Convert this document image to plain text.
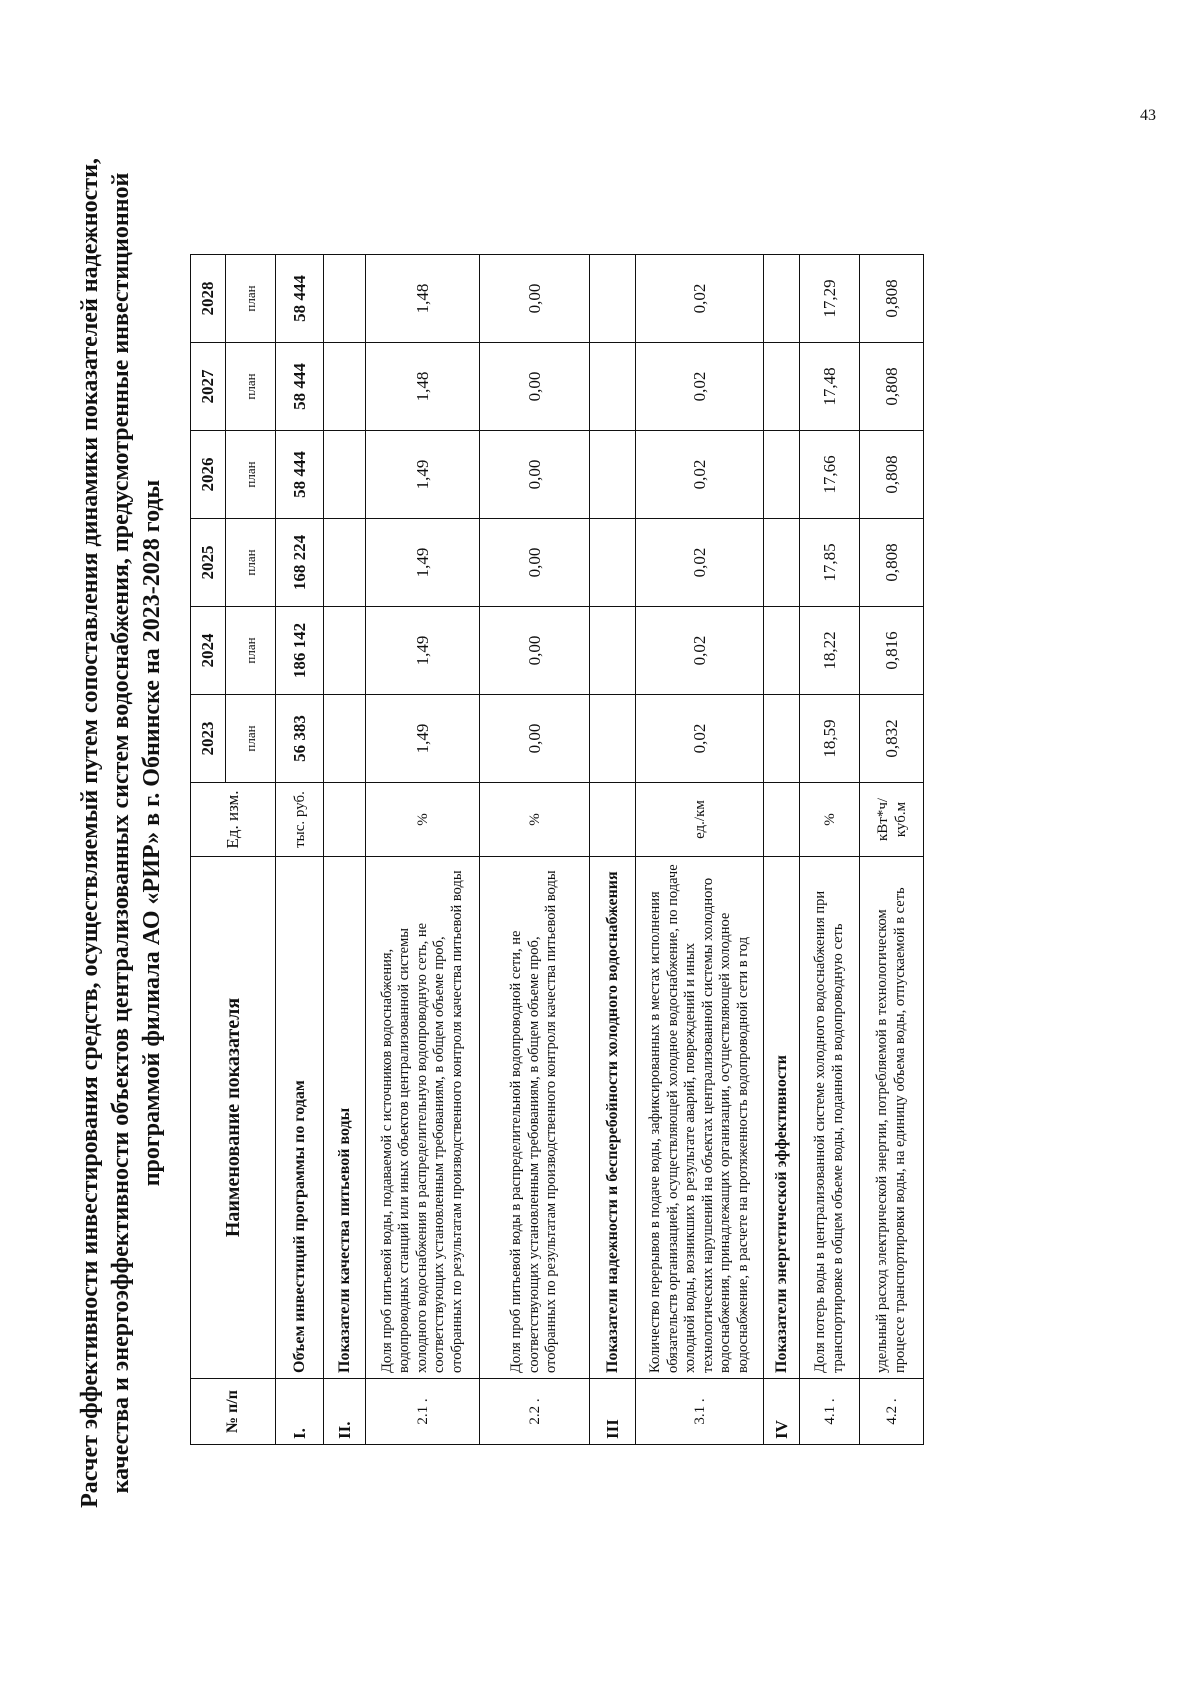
43
Расчет эффективности инвестирования средств, осуществляемый путем сопоставления динамики показателей надежности, качества и энергоэффективности объектов централизованных систем водоснабжения, предусмотренные инвестиционной программой филиала АО «РИР» в г. Обнинске на 2023-2028 годы
№ п/п	Наименование показателя	Ед. изм.	2023	2024	2025	2026	2027	2028
			план	план	план	план	план	план
I.	Объем инвестиций программы по годам	тыс. руб.	56 383	186 142	168 224	58 444	58 444	58 444
II.	Показатели качества питьевой воды							
2.1 .	Доля проб питьевой воды, подаваемой с источников водоснабжения, водопроводных станций или иных объектов централизованной системы холодного водоснабжения в распределительную водопроводную сеть, не соответствующих установленным требованиям, в общем объеме проб, отобранных по результатам производственного контроля качества питьевой воды	%	1,49	1,49	1,49	1,49	1,48	1,48
2.2 .	Доля проб питьевой воды в распределительной водопроводной сети, не соответствующих установленным требованиям, в общем объеме проб, отобранных по результатам производственного контроля качества питьевой воды	%	0,00	0,00	0,00	0,00	0,00	0,00
III	Показатели надежности и бесперебойности холодного водоснабжения							
3.1 .	Количество перерывов в подаче воды, зафиксированных в местах исполнения обязательств организацией, осуществляющей холодное водоснабжение, по подаче холодной воды, возникших в результате аварий, повреждений и иных технологических нарушений на объектах централизованной системы холодного водоснабжения, принадлежащих организации, осуществляющей холодное водоснабжение, в расчете на протяженность водопроводной сети в год	ед./км	0,02	0,02	0,02	0,02	0,02	0,02
IV	Показатели энергетической эффективности							
4.1 .	Доля потерь воды в централизованной системе холодного водоснабжения при транспортировке в общем объеме воды, поданной в водопроводную сеть	%	18,59	18,22	17,85	17,66	17,48	17,29
4.2 .	удельный расход электрической энергии, потребляемой в технологическом процессе транспортировки воды, на единицу объема воды, отпускаемой в сеть	кВт*ч/ куб.м	0,832	0,816	0,808	0,808	0,808	0,808
